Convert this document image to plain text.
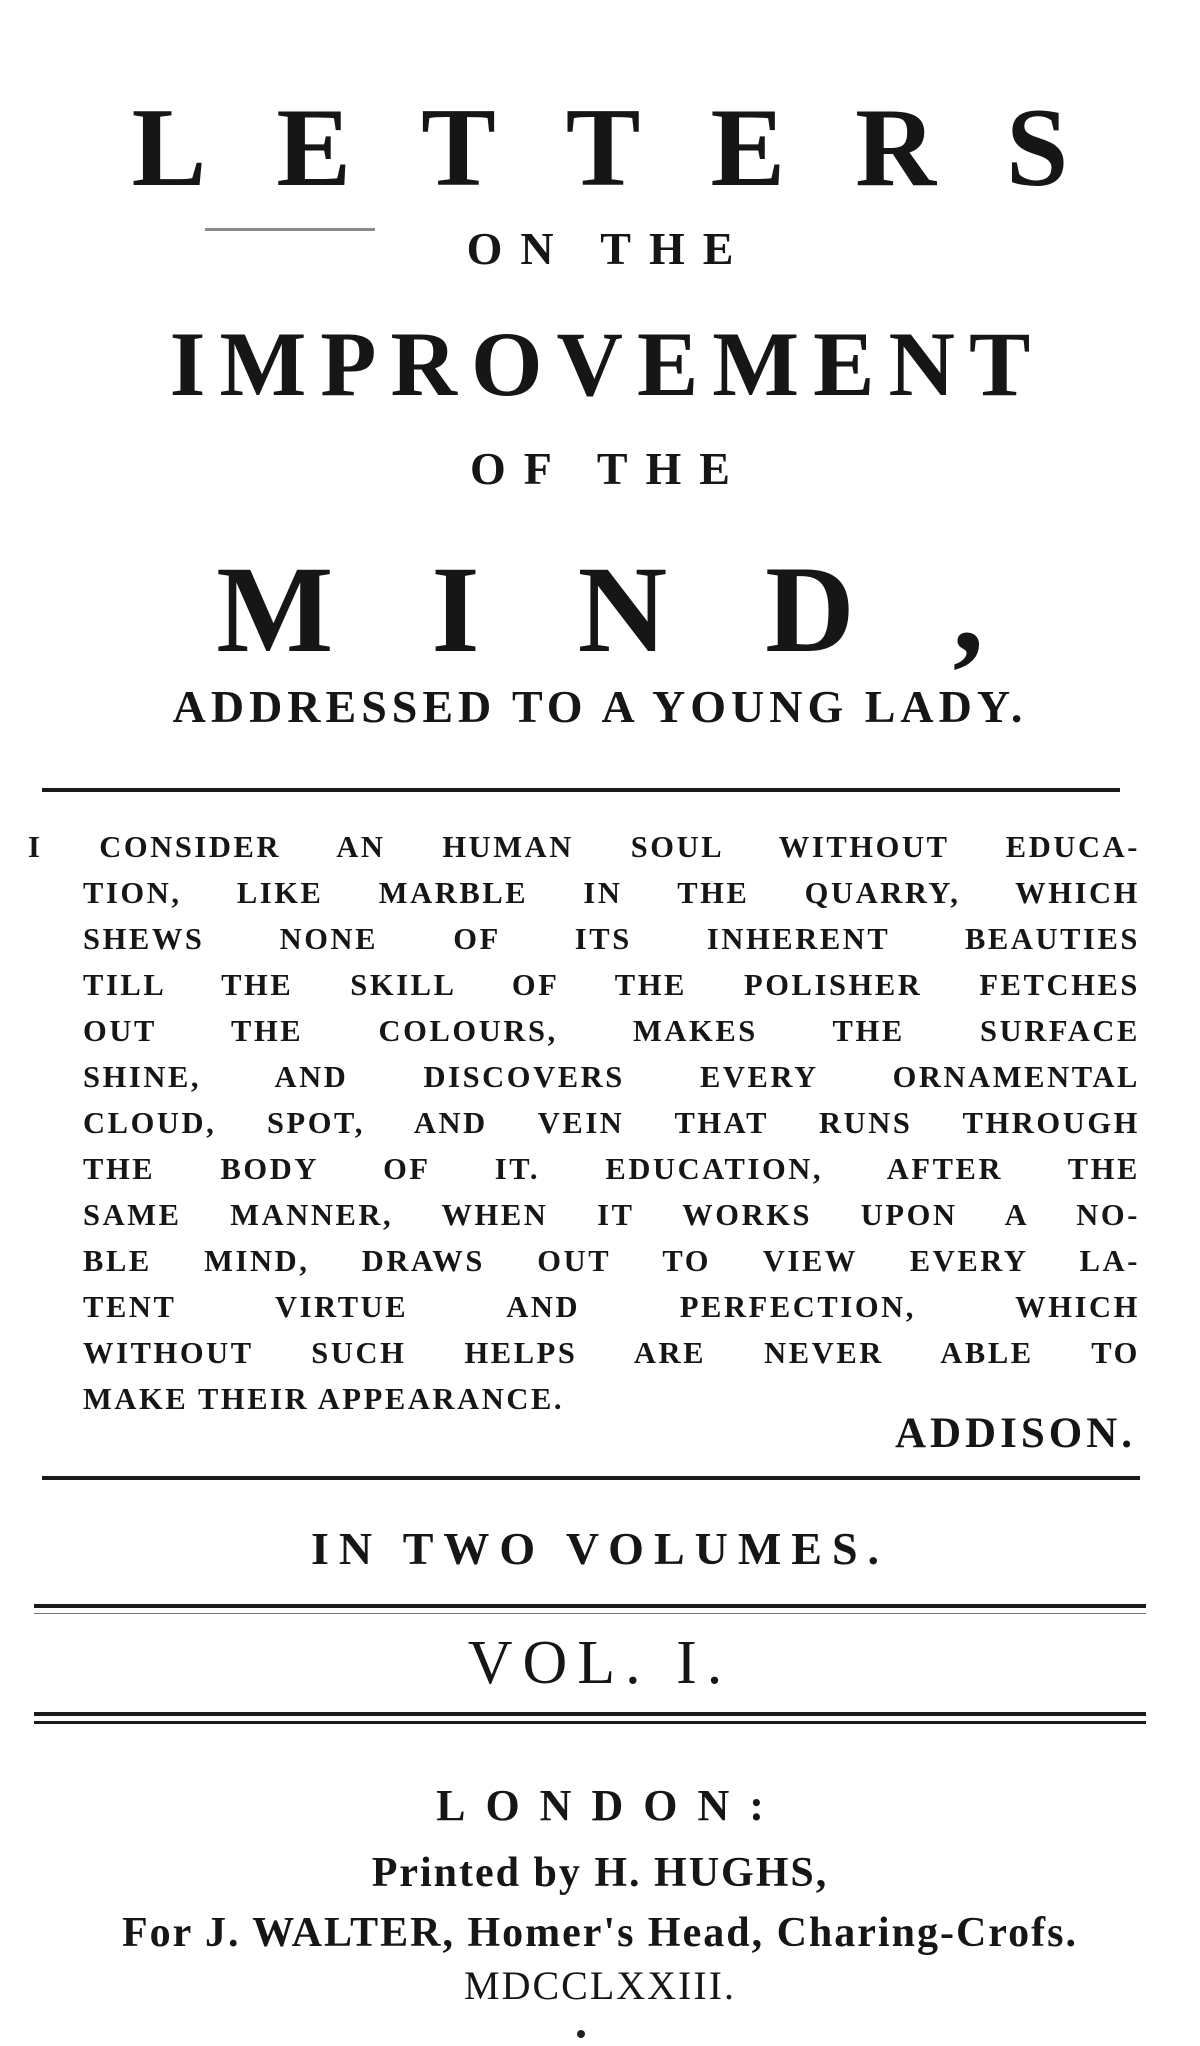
LETTERS
ON THE
IMPROVEMENT
OF THE
MIND,
ADDRESSED TO A YOUNG LADY.
I CONSIDER AN HUMAN SOUL WITHOUT EDUCA-
TION, LIKE MARBLE IN THE QUARRY, WHICH
SHEWS NONE OF ITS INHERENT BEAUTIES
TILL THE SKILL OF THE POLISHER FETCHES
OUT THE COLOURS, MAKES THE SURFACE
SHINE, AND DISCOVERS EVERY ORNAMENTAL
CLOUD, SPOT, AND VEIN THAT RUNS THROUGH
THE BODY OF IT. EDUCATION, AFTER THE
SAME MANNER, WHEN IT WORKS UPON A NO-
BLE MIND, DRAWS OUT TO VIEW EVERY LA-
TENT VIRTUE AND PERFECTION, WHICH
WITHOUT SUCH HELPS ARE NEVER ABLE TO
MAKE THEIR APPEARANCE.
ADDISON.
IN TWO VOLUMES.
VOL. I.
LONDON:
Printed by H. HUGHS,
For J. WALTER, Homer's Head, Charing-Crofs.
MDCCLXXIII.
